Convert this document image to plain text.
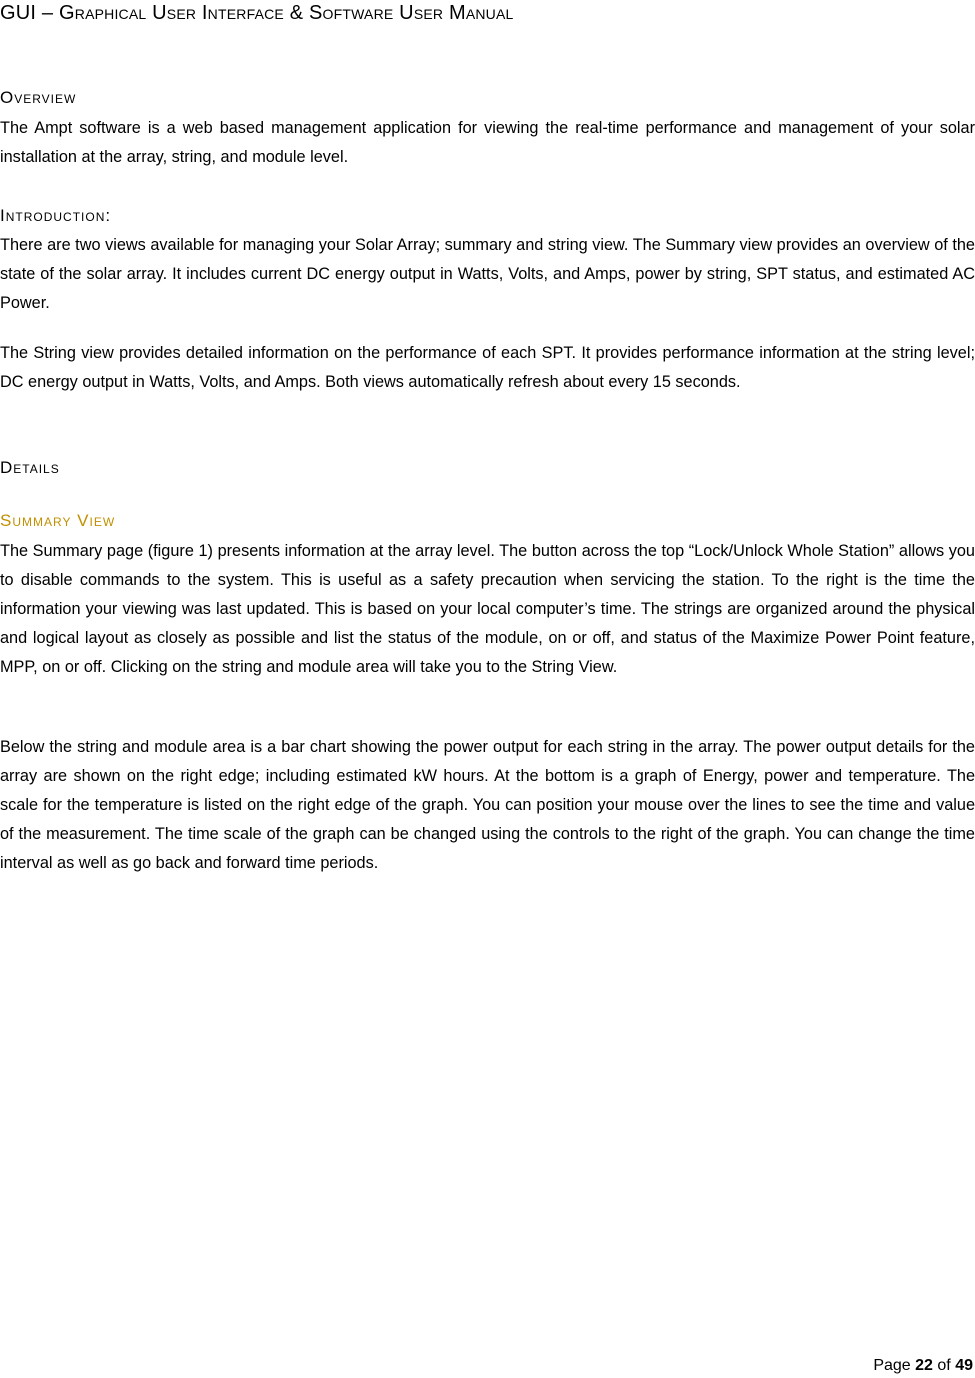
GUI – Graphical User Interface & Software User Manual
Overview

The Ampt software is a web based management application for viewing the real-time performance and management of your solar installation at the array, string, and module level.

Introduction:

There are two views available for managing your Solar Array; summary and string view. The Summary view provides an overview of the state of the solar array. It includes current DC energy output in Watts, Volts, and Amps, power by string, SPT status, and estimated AC Power.

The String view provides detailed information on the performance of each SPT. It provides performance information at the string level; DC energy output in Watts, Volts, and Amps. Both views automatically refresh about every 15 seconds.

Details
Summary View

The Summary page (figure 1) presents information at the array level. The button across the top “Lock/Unlock Whole Station” allows you to disable commands to the system. This is useful as a safety precaution when servicing the station. To the right is the time the information your viewing was last updated. This is based on your local computer’s time. The strings are organized around the physical and logical layout as closely as possible and list the status of the module, on or off, and status of the Maximize Power Point feature, MPP, on or off. Clicking on the string and module area will take you to the String View.

Below the string and module area is a bar chart showing the power output for each string in the array. The power output details for the array are shown on the right edge; including estimated kW hours. At the bottom is a graph of Energy, power and temperature. The scale for the temperature is listed on the right edge of the graph. You can position your mouse over the lines to see the time and value of the measurement. The time scale of the graph can be changed using the controls to the right of the graph. You can change the time interval as well as go back and forward time periods.

Page 22 of 49
